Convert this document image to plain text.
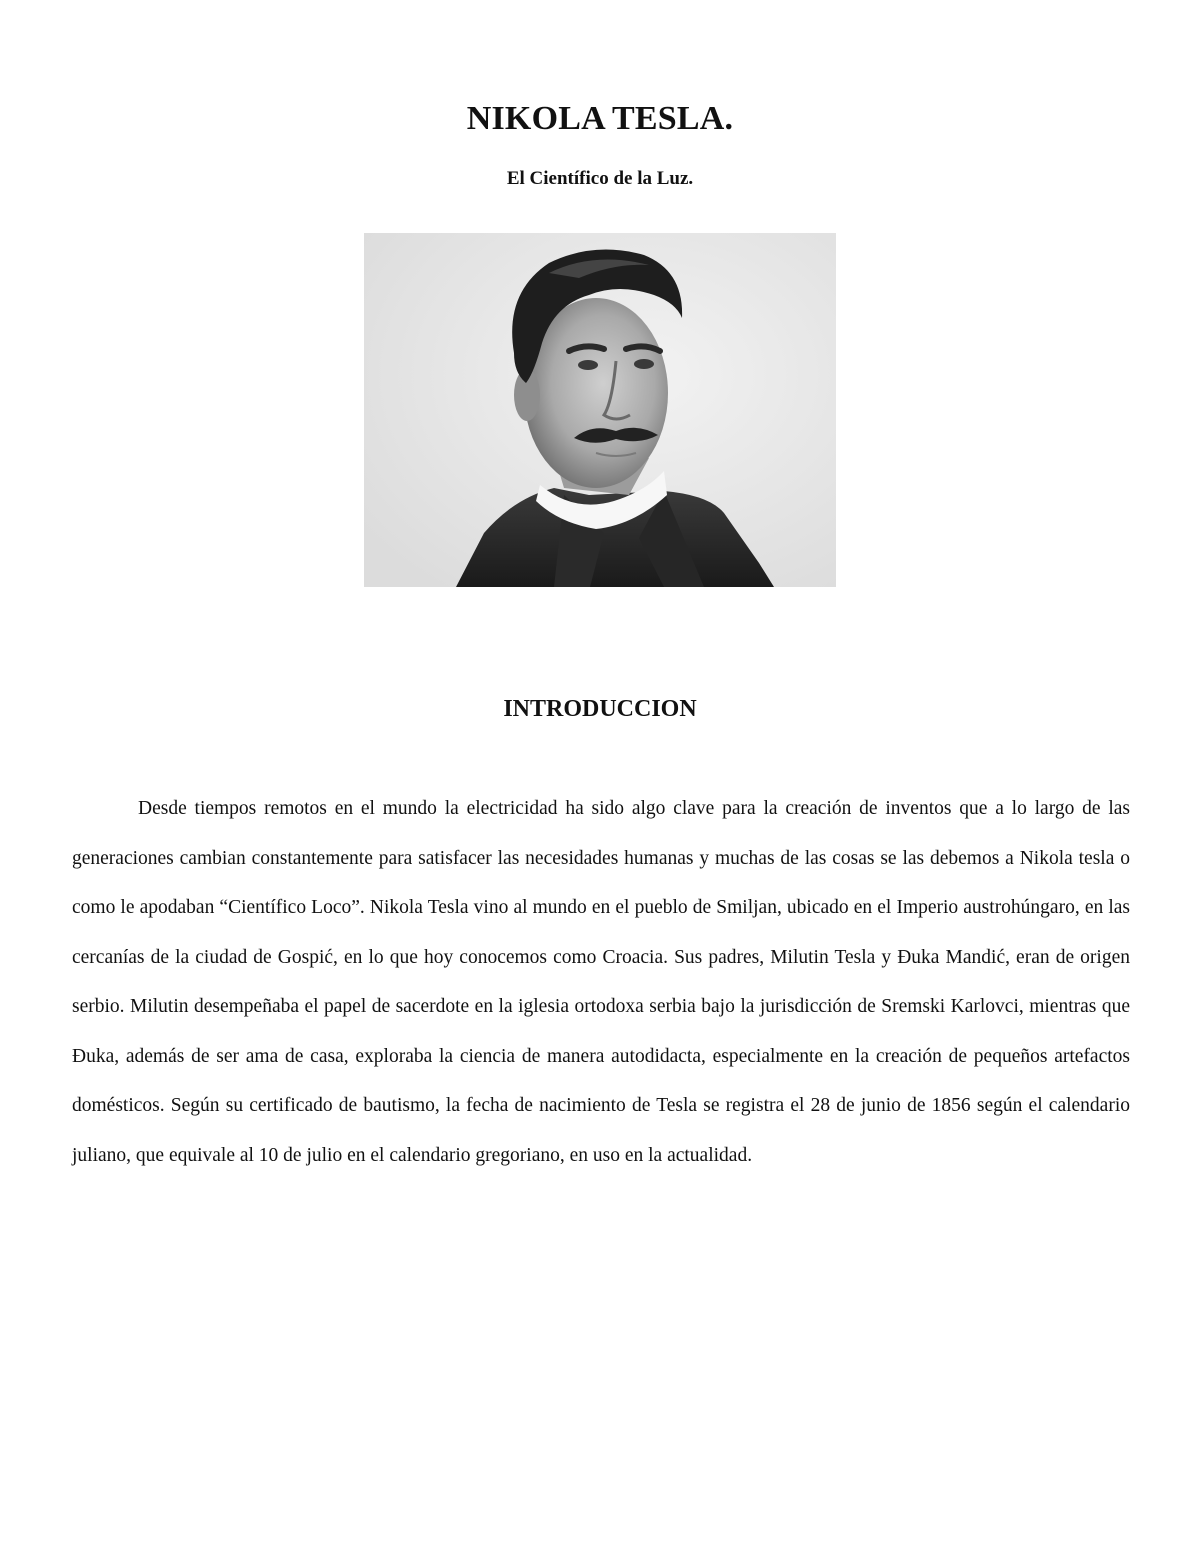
NIKOLA TESLA.

El Científico de la Luz.

INTRODUCCION

Desde tiempos remotos en el mundo la electricidad ha sido algo clave para la creación de inventos que a lo largo de las generaciones cambian constantemente para satisfacer las necesidades humanas y muchas de las cosas se las debemos a Nikola tesla o como le apodaban “Científico Loco”. Nikola Tesla vino al mundo en el pueblo de Smiljan, ubicado en el Imperio austrohúngaro, en las cercanías de la ciudad de Gospić, en lo que hoy conocemos como Croacia. Sus padres, Milutin Tesla y Đuka Mandić, eran de origen serbio. Milutin desempeñaba el papel de sacerdote en la iglesia ortodoxa serbia bajo la jurisdicción de Sremski Karlovci, mientras que Đuka, además de ser ama de casa, exploraba la ciencia de manera autodidacta, especialmente en la creación de pequeños artefactos domésticos. Según su certificado de bautismo, la fecha de nacimiento de Tesla se registra el 28 de junio de 1856 según el calendario juliano, que equivale al 10 de julio en el calendario gregoriano, en uso en la actualidad.
